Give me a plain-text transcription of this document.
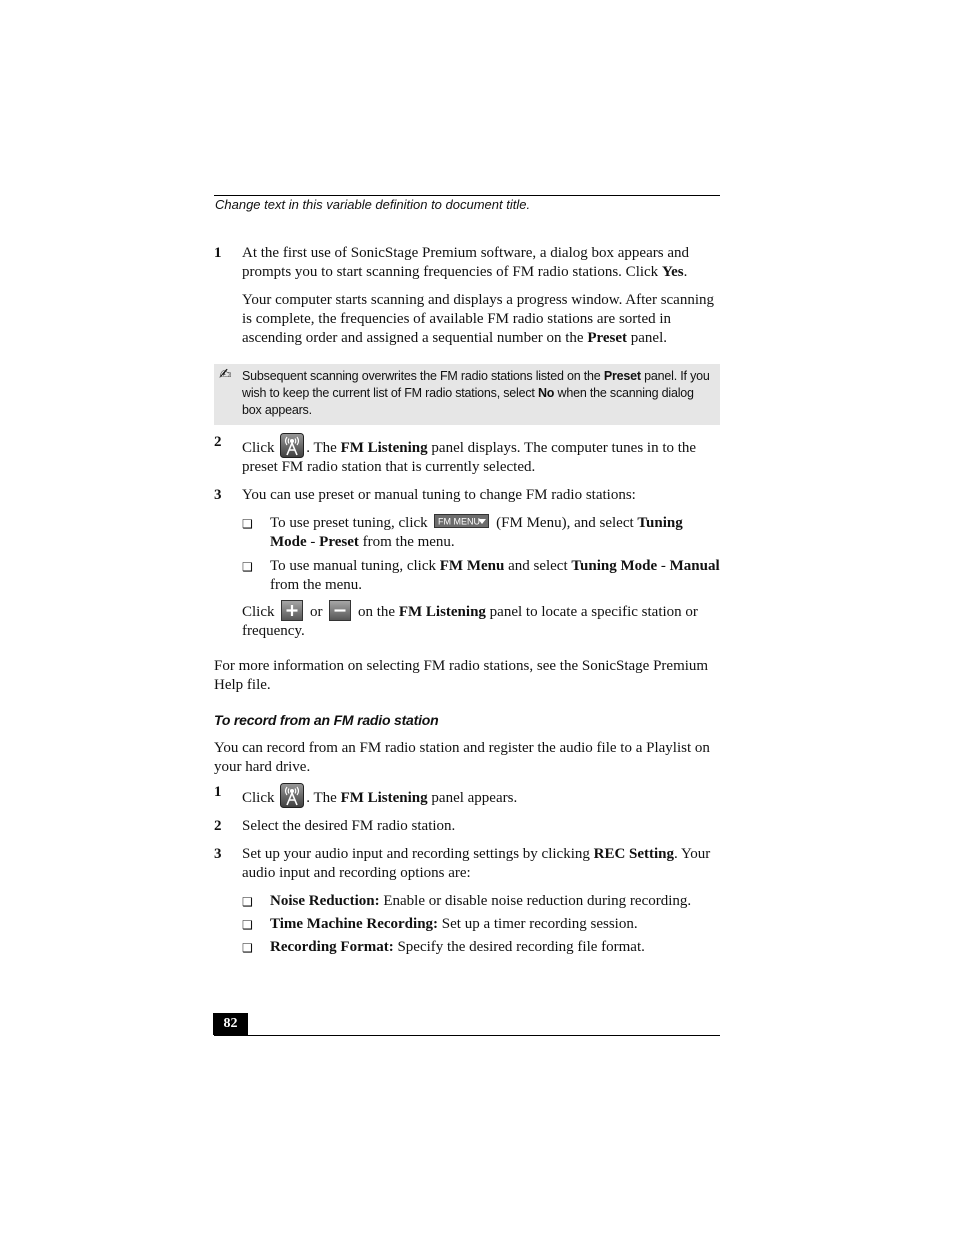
Change text in this variable definition to document title.
1 At the first use of SonicStage Premium software, a dialog box appears and prompts you to start scanning frequencies of FM radio stations. Click Yes.

Your computer starts scanning and displays a progress window. After scanning is complete, the frequencies of available FM radio stations are sorted in ascending order and assigned a sequential number on the Preset panel.

✍ Subsequent scanning overwrites the FM radio stations listed on the Preset panel. If you wish to keep the current list of FM radio stations, select No when the scanning dialog box appears.
2 Click . The FM Listening panel displays. The computer tunes in to the preset FM radio station that is currently selected.

3 You can use preset or manual tuning to change FM radio stations:

❑ To use preset tuning, click FM MENU (FM Menu), and select Tuning Mode - Preset from the menu.
❑ To use manual tuning, click FM Menu and select Tuning Mode - Manual from the menu.
Click  or  on the FM Listening panel to locate a specific station or frequency.

For more information on selecting FM radio stations, see the SonicStage Premium Help file.

To record from an FM radio station

You can record from an FM radio station and register the audio file to a Playlist on your hard drive.

1 Click . The FM Listening panel appears.

2 Select the desired FM radio station.

3 Set up your audio input and recording settings by clicking REC Setting. Your audio input and recording options are:

❑ Noise Reduction: Enable or disable noise reduction during recording.
❑ Time Machine Recording: Set up a timer recording session.
❑ Recording Format: Specify the desired recording file format.
82
